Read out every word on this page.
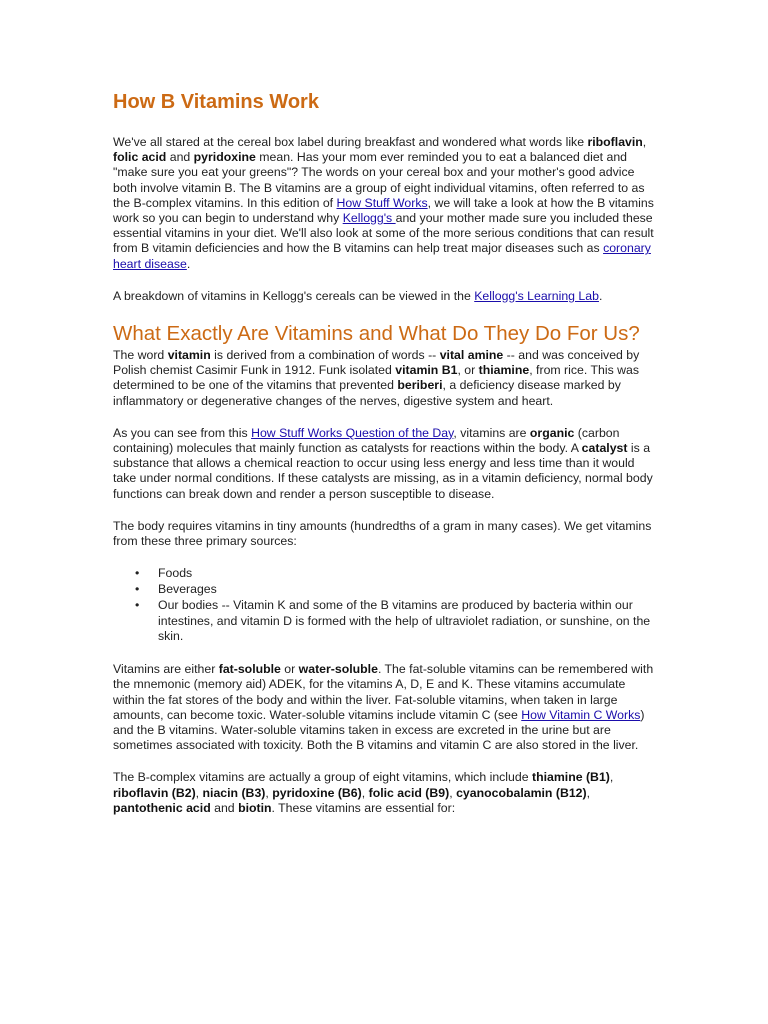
How B Vitamins Work

We've all stared at the cereal box label during breakfast and wondered what words like riboflavin, folic acid and pyridoxine mean. Has your mom ever reminded you to eat a balanced diet and "make sure you eat your greens"? The words on your cereal box and your mother's good advice both involve vitamin B. The B vitamins are a group of eight individual vitamins, often referred to as the B-complex vitamins. In this edition of How Stuff Works, we will take a look at how the B vitamins work so you can begin to understand why Kellogg's and your mother made sure you included these essential vitamins in your diet. We'll also look at some of the more serious conditions that can result from B vitamin deficiencies and how the B vitamins can help treat major diseases such as coronary heart disease.

A breakdown of vitamins in Kellogg's cereals can be viewed in the Kellogg's Learning Lab.

What Exactly Are Vitamins and What Do They Do For Us?

The word vitamin is derived from a combination of words -- vital amine -- and was conceived by Polish chemist Casimir Funk in 1912. Funk isolated vitamin B1, or thiamine, from rice. This was determined to be one of the vitamins that prevented beriberi, a deficiency disease marked by inflammatory or degenerative changes of the nerves, digestive system and heart.

As you can see from this How Stuff Works Question of the Day, vitamins are organic (carbon containing) molecules that mainly function as catalysts for reactions within the body. A catalyst is a substance that allows a chemical reaction to occur using less energy and less time than it would take under normal conditions. If these catalysts are missing, as in a vitamin deficiency, normal body functions can break down and render a person susceptible to disease.

The body requires vitamins in tiny amounts (hundredths of a gram in many cases). We get vitamins from these three primary sources:

• Foods
• Beverages
• Our bodies -- Vitamin K and some of the B vitamins are produced by bacteria within our intestines, and vitamin D is formed with the help of ultraviolet radiation, or sunshine, on the skin.

Vitamins are either fat-soluble or water-soluble. The fat-soluble vitamins can be remembered with the mnemonic (memory aid) ADEK, for the vitamins A, D, E and K. These vitamins accumulate within the fat stores of the body and within the liver. Fat-soluble vitamins, when taken in large amounts, can become toxic. Water-soluble vitamins include vitamin C (see How Vitamin C Works) and the B vitamins. Water-soluble vitamins taken in excess are excreted in the urine but are sometimes associated with toxicity. Both the B vitamins and vitamin C are also stored in the liver.

The B-complex vitamins are actually a group of eight vitamins, which include thiamine (B1), riboflavin (B2), niacin (B3), pyridoxine (B6), folic acid (B9), cyanocobalamin (B12), pantothenic acid and biotin. These vitamins are essential for:
